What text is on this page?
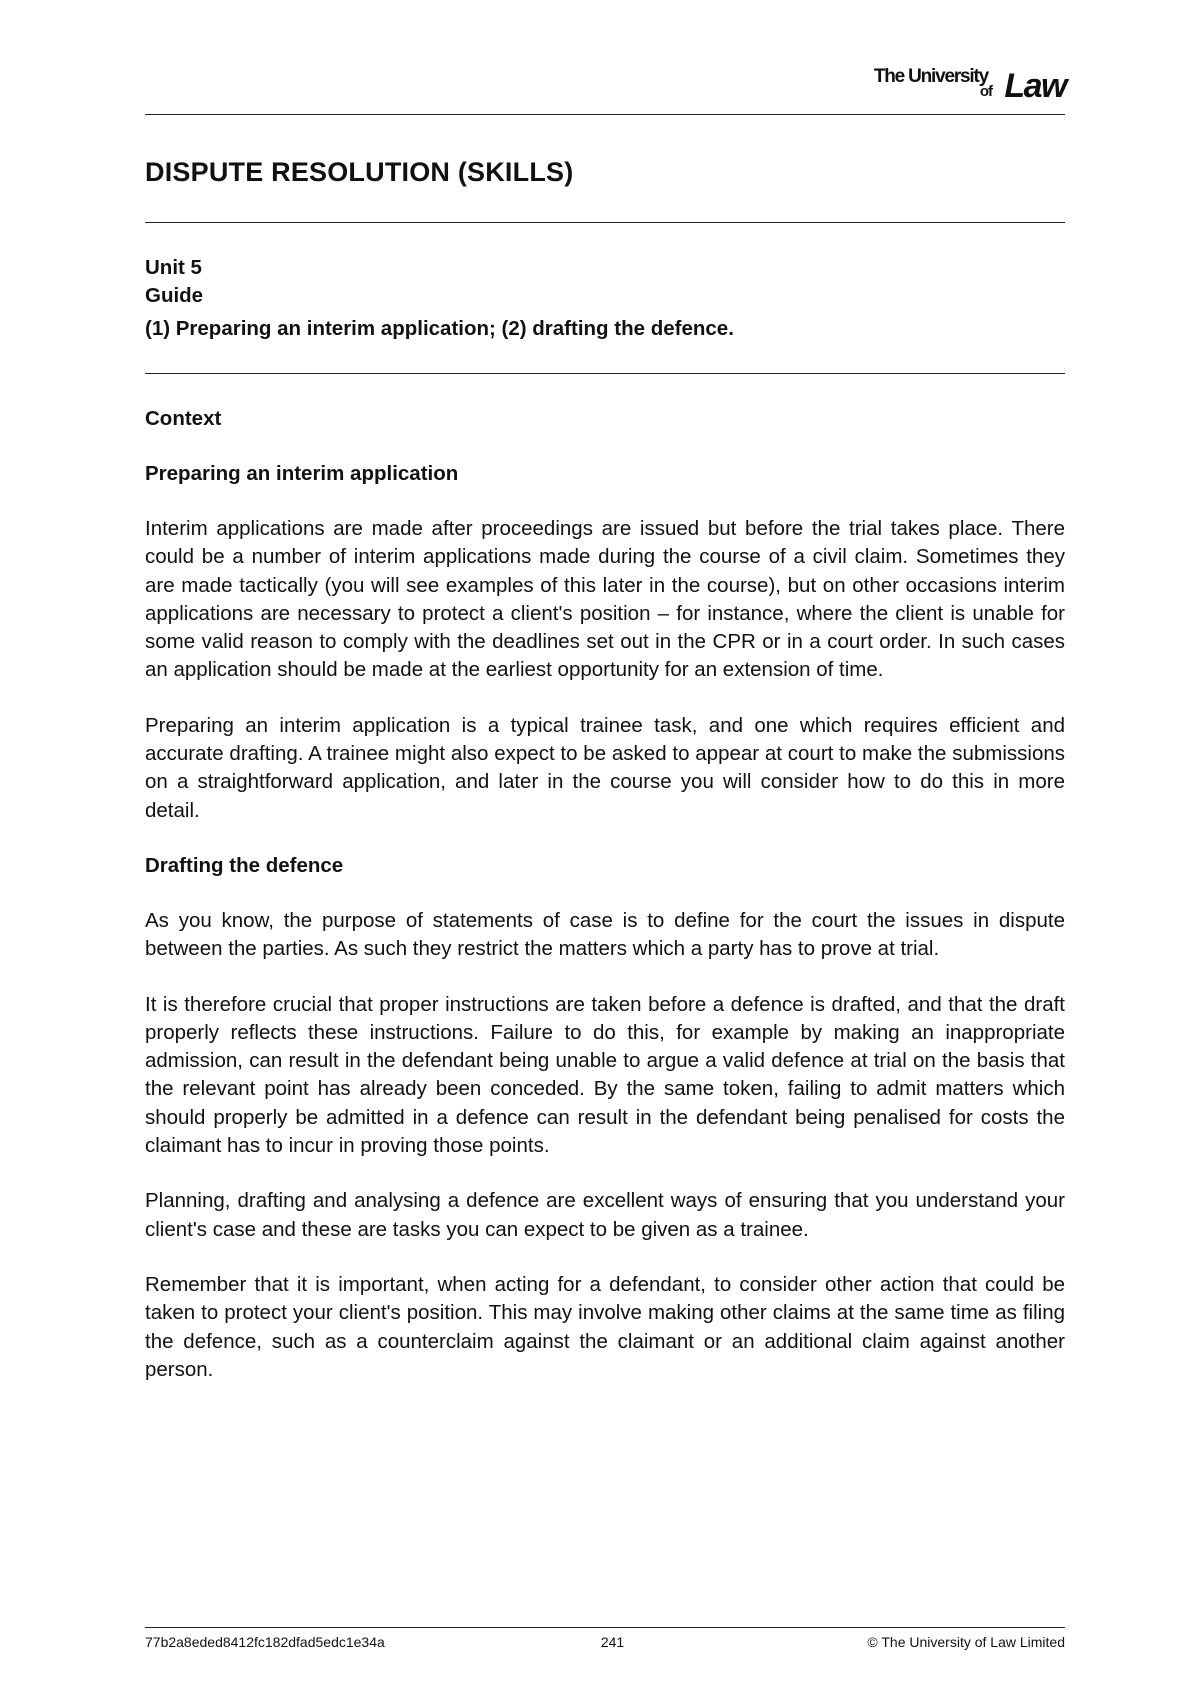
The University
of Law
DISPUTE RESOLUTION (SKILLS)
Unit 5
Guide
(1) Preparing an interim application; (2) drafting the defence.
Context
Preparing an interim application

Interim applications are made after proceedings are issued but before the trial takes place. There could be a number of interim applications made during the course of a civil claim. Sometimes they are made tactically (you will see examples of this later in the course), but on other occasions interim applications are necessary to protect a client's position – for instance, where the client is unable for some valid reason to comply with the deadlines set out in the CPR or in a court order. In such cases an application should be made at the earliest opportunity for an extension of time.

Preparing an interim application is a typical trainee task, and one which requires efficient and accurate drafting. A trainee might also expect to be asked to appear at court to make the submissions on a straightforward application, and later in the course you will consider how to do this in more detail.

Drafting the defence

As you know, the purpose of statements of case is to define for the court the issues in dispute between the parties. As such they restrict the matters which a party has to prove at trial.

It is therefore crucial that proper instructions are taken before a defence is drafted, and that the draft properly reflects these instructions. Failure to do this, for example by making an inappropriate admission, can result in the defendant being unable to argue a valid defence at trial on the basis that the relevant point has already been conceded. By the same token, failing to admit matters which should properly be admitted in a defence can result in the defendant being penalised for costs the claimant has to incur in proving those points.

Planning, drafting and analysing a defence are excellent ways of ensuring that you understand your client's case and these are tasks you can expect to be given as a trainee.

Remember that it is important, when acting for a defendant, to consider other action that could be taken to protect your client's position. This may involve making other claims at the same time as filing the defence, such as a counterclaim against the claimant or an additional claim against another person.

77b2a8eded8412fc182dfad5edc1e34a	241	© The University of Law Limited
